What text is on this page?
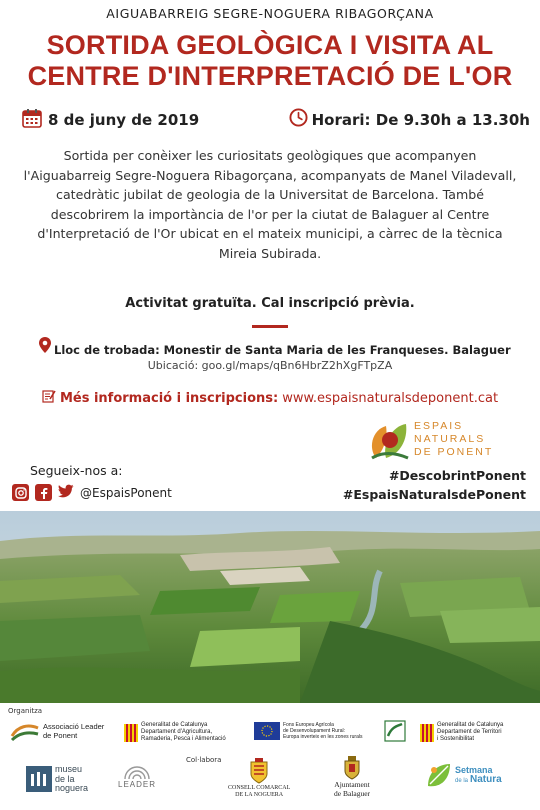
AIGUABARREIG SEGRE-NOGUERA RIBAGORÇANA
SORTIDA GEOLÒGICA I VISITA AL
CENTRE D'INTERPRETACIÓ DE L'OR
8 de juny de 2019	Horari: De 9.30h a 13.30h
Sortida per conèixer les curiositats geològiques que acompanyen l'Aiguabarreig Segre-Noguera Ribagorçana, acompanyats de Manel Viladevall, catedràtic jubilat de geologia de la Universitat de Barcelona. També descobrirem la importància de l'or per la ciutat de Balaguer al Centre d'Interpretació de l'Or ubicat en el mateix municipi, a càrrec de la tècnica Mireia Subirada.
Activitat gratuïta. Cal inscripció prèvia.
Lloc de trobada: Monestir de Santa Maria de les Franqueses. Balaguer
Ubicació: goo.gl/maps/qBn6HbrZ2hXgFTpZA
Més informació i inscripcions: www.espaisnaturalsdeponent.cat
ESPAIS
NATURALS
DE PONENT
Segueix-nos a:
@EspaisPonent
#DescobrintPonent
#EspaisNaturalsdePonent
Organitza
Associació Leader de Ponent
Generalitat de Catalunya
Departament d'Agricultura,
Ramaderia, Pesca i Alimentació
Fons Europeu Agrícola
de Desenvolupament Rural:
Europa inverteix en les zones rurals
Generalitat de Catalunya
Departament de Territori
i Sostenibilitat
Col·labora
museu
de la
noguera	LEADER	CONSELL COMARCAL
DE LA NOGUERA
Ajuntament
de Balaguer
Setmana
de la Natura
